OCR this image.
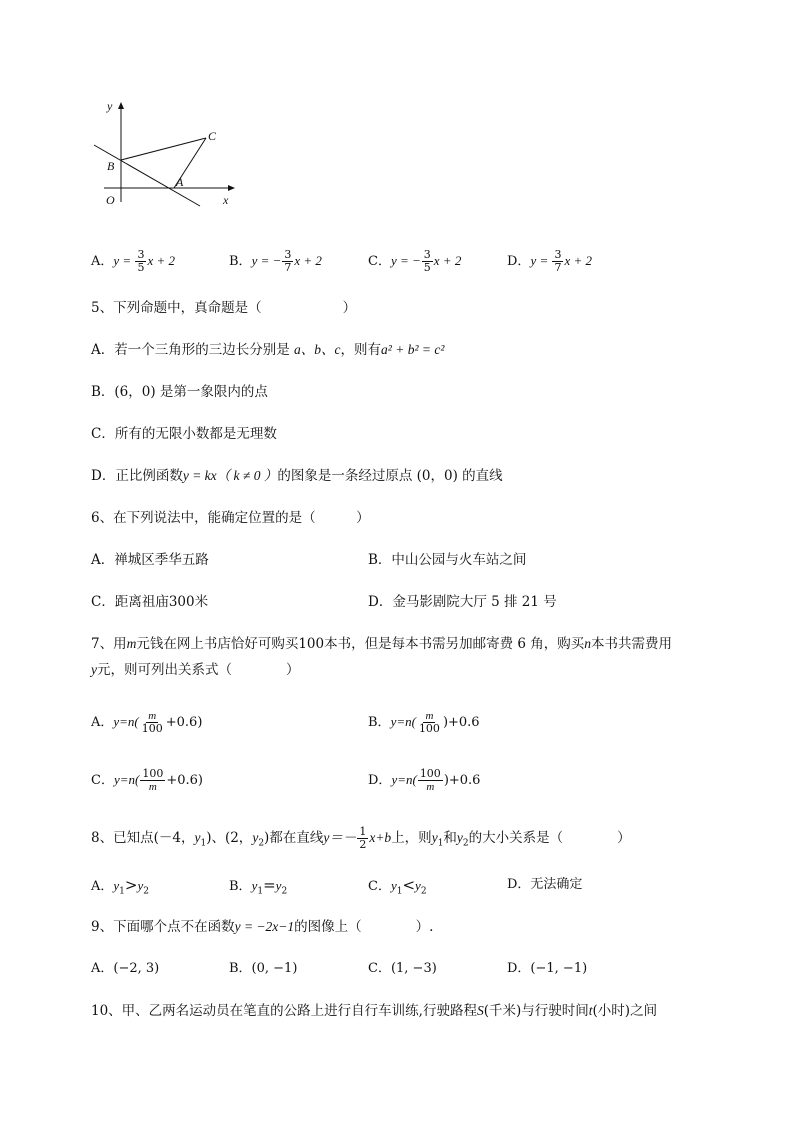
y
B
C
A
O	x
A．$y = \frac{3}{5}$ x + 2	B．y = − $\frac{3}{7}$ x + 2	C．y = − $\frac{3}{5}$ x + 2	D．$y = \frac{3}{7}$ x + 2
5、下列命题中，真命题是（　　　　　　）
A．若一个三角形的三边长分别是 a、b、c，则有a² + b² = c²
B．(6，0) 是第一象限内的点
C．所有的无限小数都是无理数
D．正比例函数y = kx（ k ≠ 0 ）的图象是一条经过原点 (0，0) 的直线
6、在下列说法中，能确定位置的是（　　　）
A．禅城区季华五路	B．中山公园与火车站之间
C．距离祖庙300米	D．金马影剧院大厅 5 排 21 号
7、用m元钱在网上书店恰好可购买100本书，但是每本书需另加邮寄费 6 角，购买n本书共需费用
y元，则可列出关系式（　　　　）
A．$y=n( \frac{m}{100} +0.6)$	B．$y=n( \frac{m}{100} )+0.6$
C．$y=n( \frac{100}{m} +0.6)$	D．$y=n( \frac{100}{m} )+0.6$
8、已知点(－4，$y_1$)、(2，$y_2$)都在直线$y=- \frac{1}{2} x+b$上，则$y_1$和$y_2$的大小关系是（　　　　）
A．$y_1>y_2$	B．$y_1=y_2$	C．$y_1<y_2$	D．无法确定
9、下面哪个点不在函数y = −2x−1的图像上（　　　　）.
A．(−2, 3)	B．(0, −1)	C．(1, −3)	D．(−1, −1)
10、甲、乙两名运动员在笔直的公路上进行自行车训练,行驶路程S(千米)与行驶时间t(小时)之间
